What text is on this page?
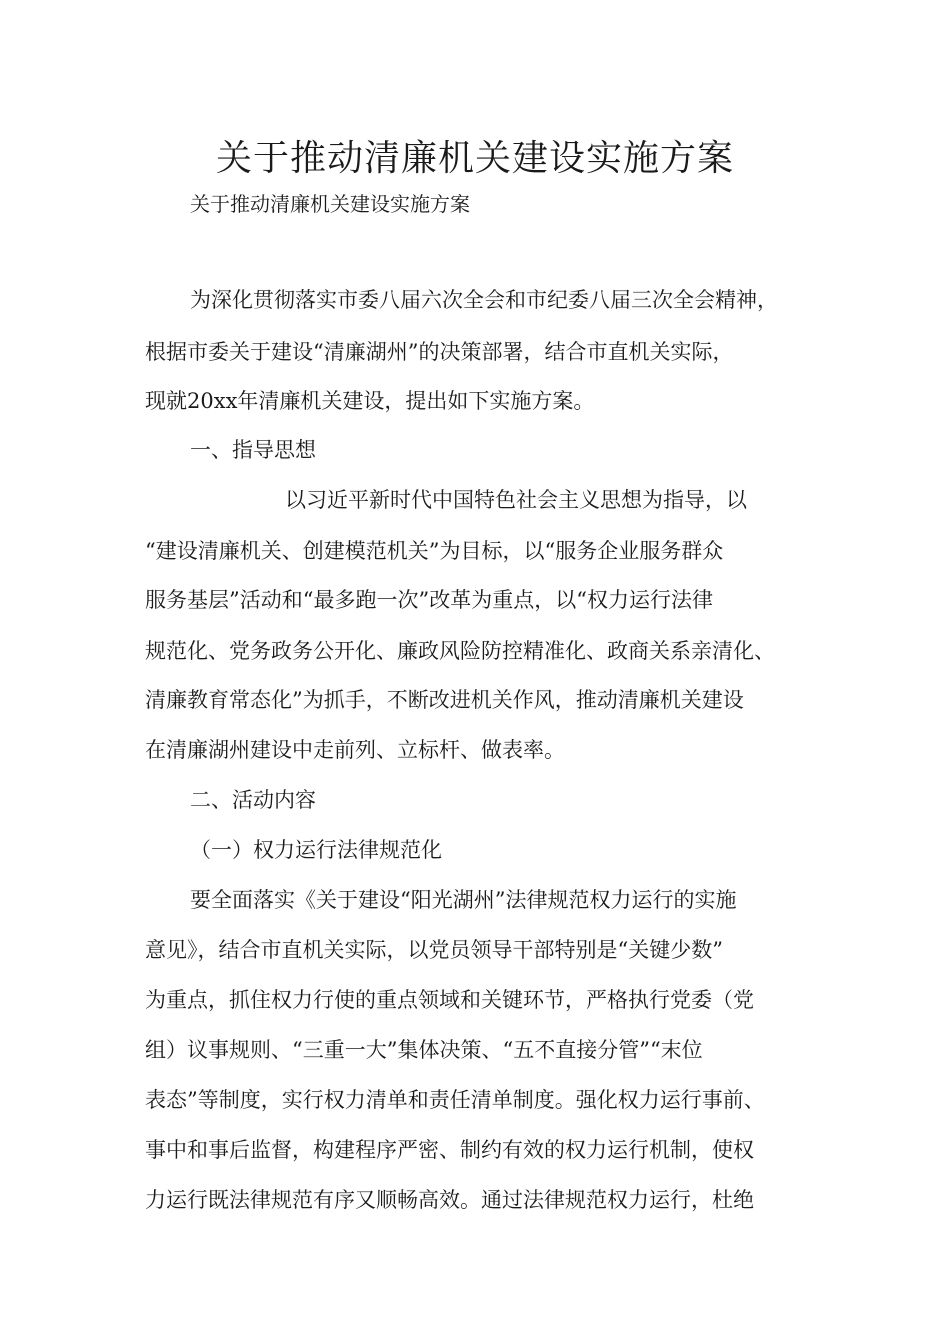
关于推动清廉机关建设实施方案
关于推动清廉机关建设实施方案
为深化贯彻落实市委八届六次全会和市纪委八届三次全会精神，
根据市委关于建设“清廉湖州”的决策部署，结合市直机关实际，
现就20xx年清廉机关建设，提出如下实施方案。
一、指导思想
以习近平新时代中国特色社会主义思想为指导，以
“建设清廉机关、创建模范机关”为目标，以“服务企业服务群众
服务基层”活动和“最多跑一次”改革为重点，以“权力运行法律
规范化、党务政务公开化、廉政风险防控精准化、政商关系亲清化、
清廉教育常态化”为抓手，不断改进机关作风，推动清廉机关建设
在清廉湖州建设中走前列、立标杆、做表率。
二、活动内容
（一）权力运行法律规范化
要全面落实《关于建设“阳光湖州”法律规范权力运行的实施
意见》，结合市直机关实际，以党员领导干部特别是“关键少数”
为重点，抓住权力行使的重点领域和关键环节，严格执行党委（党
组）议事规则、“三重一大”集体决策、“五不直接分管”“末位
表态”等制度，实行权力清单和责任清单制度。强化权力运行事前、
事中和事后监督，构建程序严密、制约有效的权力运行机制，使权
力运行既法律规范有序又顺畅高效。通过法律规范权力运行，杜绝
